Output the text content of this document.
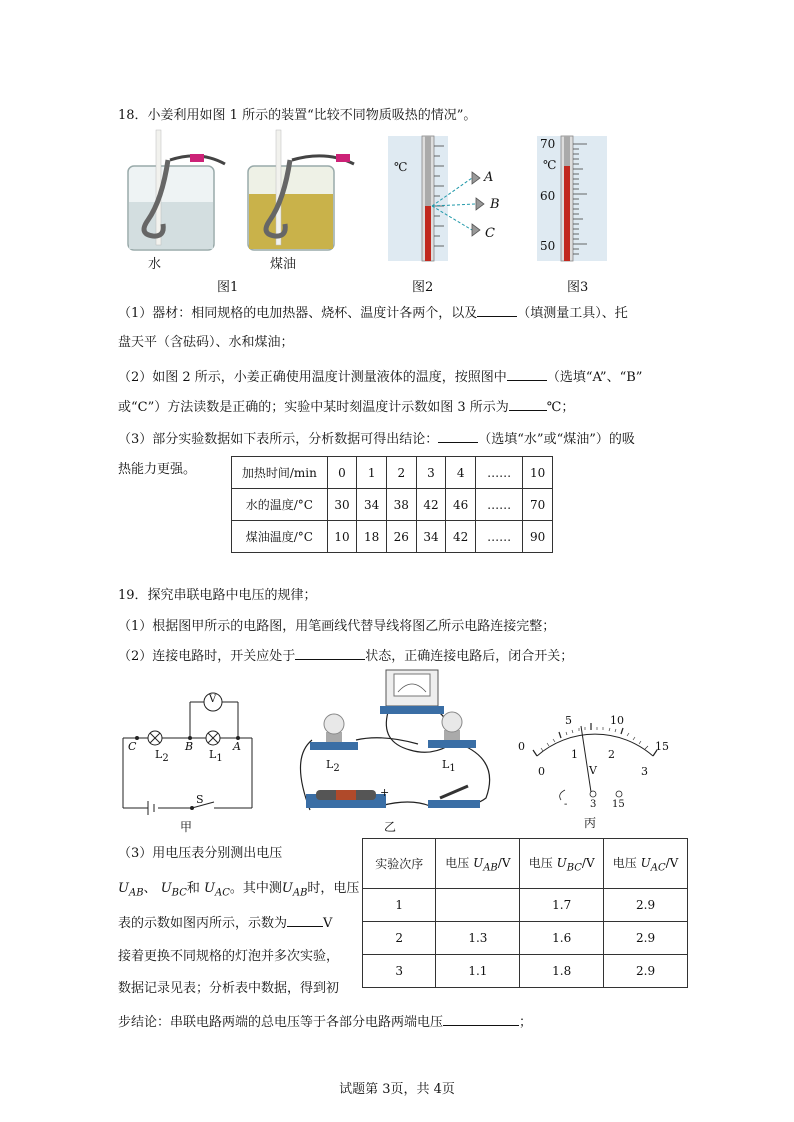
18．小姜利用如图 1 所示的装置“比较不同物质吸热的情况”。
水	煤油
图1
℃
A
B
C
图2
70
℃
60
50
图3
（1）器材：相同规格的电加热器、烧杯、温度计各两个，以及	（填测量工具）、托
盘天平（含砝码）、水和煤油；
（2）如图 2 所示，小姜正确使用温度计测量液体的温度，按照图中	（选填“A”、“B”
或“C”）方法读数是正确的；实验中某时刻温度计示数如图 3 所示为	℃；
（3）部分实验数据如下表所示，分析数据可得出结论：	（选填“水”或“煤油”）的吸
热能力更强。	加热时间/min	0	1	2	3	4	……	10
水的温度/°C	30	34	38	42	46	……	70
煤油温度/°C	10	18	26	34	42	……	90
19．探究串联电路中电压的规律；
（1）根据图甲所示的电路图，用笔画线代替导线将图乙所示电路连接完整；
（2）连接电路时，开关应处于	状态，正确连接电路后，闭合开关；
V
C	B	A
$L_2$	$L_1$
S
甲
$L_2$	$L_1$
+
乙
5	10
0	15
0
1	2
3
V
- 3 15
丙
（3）用电压表分别测出电压
$U_{AB}$、 $U_{BC}$和 $U_{AC}$。其中测$U_{AB}$时，电压
表的示数如图丙所示，示数为	V
接着更换不同规格的灯泡并多次实验，
数据记录见表；分析表中数据，得到初
步结论：串联电路两端的总电压等于各部分电路两端电压	；
实验次序	电压 $U_{AB}/V$	电压 $U_{BC}/V$	电压 $U_{AC}/V$
1		1.7	2.9
2	1.3	1.6	2.9
3	1.1	1.8	2.9
试题第 3页，共 4页
